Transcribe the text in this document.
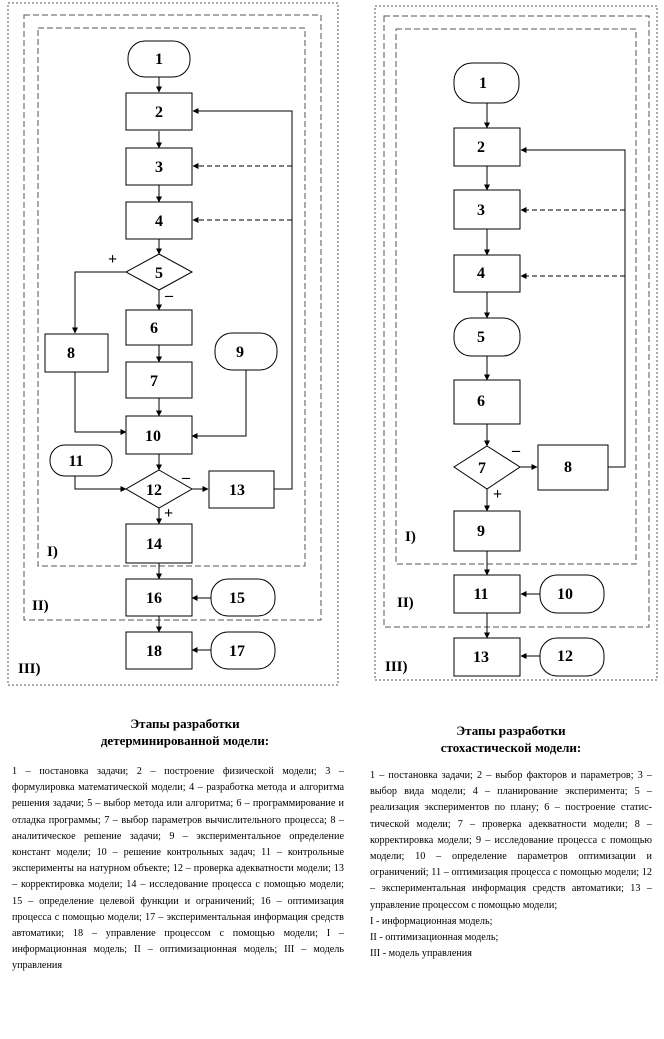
1
2
3
4
5
6
7
8	9
10
11
12	13
14
15
16
17
18
+
–
–
+
I)
II)
III)
1
2
3
4
5
6
7	8
9
11	10
13	12
–
+
I)
II)
III)
Этапы разработки
детерминированной модели:
Этапы разработки
стохастической модели:

1 – постановка задачи; 2 – построение физической модели; 3 – формулировка математической модели; 4 – разработка метода и алгоритма решения задачи; 5 – выбор метода или алгоритма; 6 – программирование и отладка программы; 7 – выбор параметров вычислительного процесса; 8 – аналитическое решение задачи; 9 – экспериментальное определение констант модели; 10 – решение контрольных задач; 11 – контрольные эксперименты на натурном объекте; 12 – проверка адекватности модели; 13 – корректировка модели; 14 – исследование процесса с помощью модели; 15 – определение целевой функции и ограничений; 16 – оптимизация процесса с помощью модели; 17 – экспериментальная информация средств автоматики; 18 – управление процессом с помощью модели; I – информационная модель; II – оптимизационная модель; III – модель управления

1 – постановка задачи; 2 – выбор факторов и параметров; 3 – выбор вида модели; 4 – планирование эксперимента; 5 – реализация экспериментов по плану; 6 – построение статис-тической модели; 7 – проверка адекватности модели; 8 – корректировка модели; 9 – исследование процесса с помощью модели; 10 – определение параметров оптимизации и ограничений; 11 – оптимизация процесса с помощью модели; 12 – экспериментальная информация средств автоматики; 13 – управление процессом с помощью модели;

I - информационная модель;

II - оптимизационная модель;

III - модель управления
